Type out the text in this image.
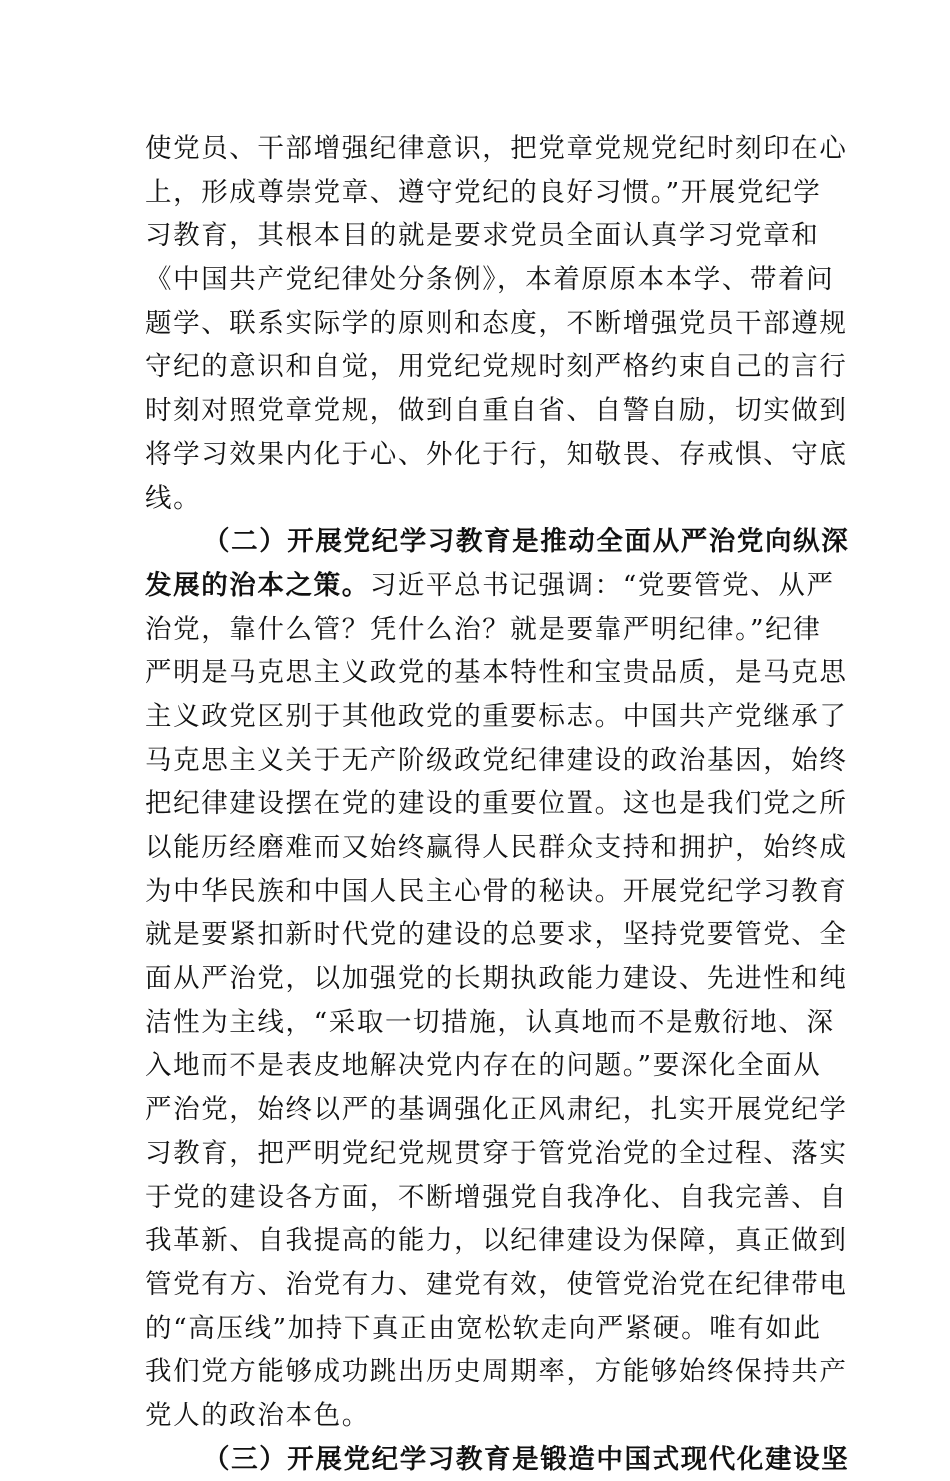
使党员、干部增强纪律意识，把党章党规党纪时刻印在心
上，形成尊崇党章、遵守党纪的良好习惯。”开展党纪学
习教育，其根本目的就是要求党员全面认真学习党章和
《中国共产党纪律处分条例》，本着原原本本学、带着问
题学、联系实际学的原则和态度，不断增强党员干部遵规
守纪的意识和自觉，用党纪党规时刻严格约束自己的言行
时刻对照党章党规，做到自重自省、自警自励，切实做到
将学习效果内化于心、外化于行，知敬畏、存戒惧、守底
线。
（二）开展党纪学习教育是推动全面从严治党向纵深
发展的治本之策。习近平总书记强调：“党要管党、从严
治党，靠什么管？凭什么治？就是要靠严明纪律。”纪律
严明是马克思主义政党的基本特性和宝贵品质，是马克思
主义政党区别于其他政党的重要标志。中国共产党继承了
马克思主义关于无产阶级政党纪律建设的政治基因，始终
把纪律建设摆在党的建设的重要位置。这也是我们党之所
以能历经磨难而又始终赢得人民群众支持和拥护，始终成
为中华民族和中国人民主心骨的秘诀。开展党纪学习教育
就是要紧扣新时代党的建设的总要求，坚持党要管党、全
面从严治党，以加强党的长期执政能力建设、先进性和纯
洁性为主线，“采取一切措施，认真地而不是敷衍地、深
入地而不是表皮地解决党内存在的问题。”要深化全面从
严治党，始终以严的基调强化正风肃纪，扎实开展党纪学
习教育，把严明党纪党规贯穿于管党治党的全过程、落实
于党的建设各方面，不断增强党自我净化、自我完善、自
我革新、自我提高的能力，以纪律建设为保障，真正做到
管党有方、治党有力、建党有效，使管党治党在纪律带电
的“高压线”加持下真正由宽松软走向严紧硬。唯有如此
我们党方能够成功跳出历史周期率，方能够始终保持共产
党人的政治本色。
（三）开展党纪学习教育是锻造中国式现代化建设坚
